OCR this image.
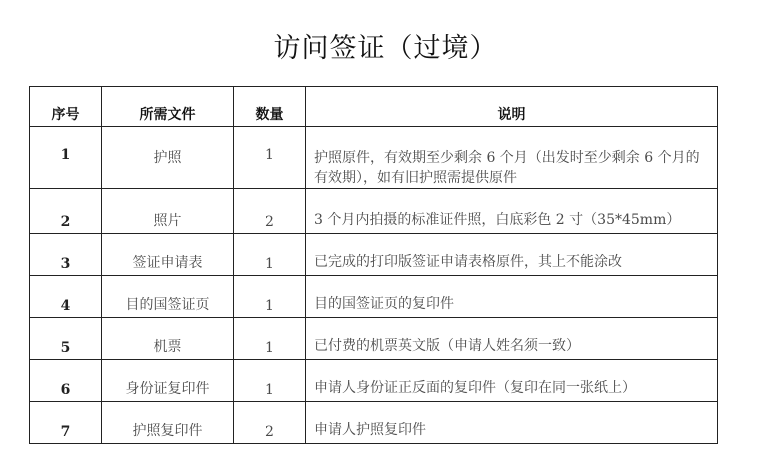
访问签证（过境）
序号	所需文件	数量	说明
1	护照	1	护照原件，有效期至少剩余 6 个月（出发时至少剩余 6 个月的有效期），如有旧护照需提供原件
2	照片	2	3 个月内拍摄的标准证件照，白底彩色 2 寸（35*45mm）
3	签证申请表	1	已完成的打印版签证申请表格原件，其上不能涂改
4	目的国签证页	1	目的国签证页的复印件
5	机票	1	已付费的机票英文版（申请人姓名须一致）
6	身份证复印件	1	申请人身份证正反面的复印件（复印在同一张纸上）
7	护照复印件	2	申请人护照复印件
